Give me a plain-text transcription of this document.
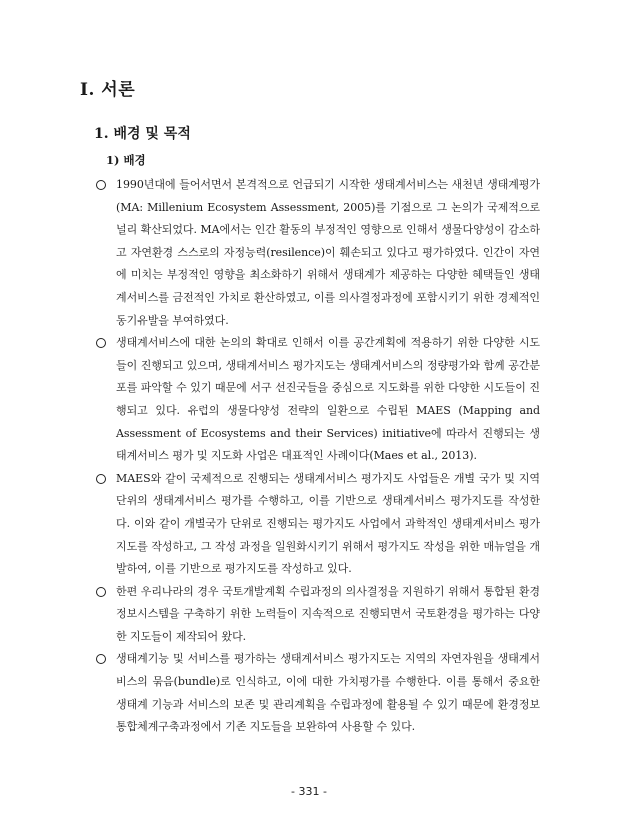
I. 서론
1. 배경 및 목적
1) 배경
1990년대에 들어서면서 본격적으로 언급되기 시작한 생태계서비스는 새천년 생태계평가(MA: Millenium Ecosystem Assessment, 2005)를 기점으로 그 논의가 국제적으로 널리 확산되었다. MA에서는 인간 활동의 부정적인 영향으로 인해서 생물다양성이 감소하고 자연환경 스스로의 자정능력(resilence)이 훼손되고 있다고 평가하였다. 인간이 자연에 미치는 부정적인 영향을 최소화하기 위해서 생태계가 제공하는 다양한 혜택들인 생태계서비스를 금전적인 가치로 환산하였고, 이를 의사결정과정에 포함시키기 위한 경제적인 동기유발을 부여하였다.
생태계서비스에 대한 논의의 확대로 인해서 이를 공간계획에 적용하기 위한 다양한 시도들이 진행되고 있으며, 생태계서비스 평가지도는 생태계서비스의 정량평가와 함께 공간분포를 파악할 수 있기 때문에 서구 선진국들을 중심으로 지도화를 위한 다양한 시도들이 진행되고 있다. 유럽의 생물다양성 전략의 일환으로 수립된 MAES (Mapping and Assessment of Ecosystems and their Services) initiative에 따라서 진행되는 생태계서비스 평가 및 지도화 사업은 대표적인 사례이다(Maes et al., 2013).
MAES와 같이 국제적으로 진행되는 생태계서비스 평가지도 사업들은 개별 국가 및 지역단위의 생태계서비스 평가를 수행하고, 이를 기반으로 생태계서비스 평가지도를 작성한다. 이와 같이 개별국가 단위로 진행되는 평가지도 사업에서 과학적인 생태계서비스 평가지도를 작성하고, 그 작성 과정을 일원화시키기 위해서 평가지도 작성을 위한 매뉴얼을 개발하여, 이를 기반으로 평가지도를 작성하고 있다.
한편 우리나라의 경우 국토개발계획 수립과정의 의사결정을 지원하기 위해서 통합된 환경정보시스템을 구축하기 위한 노력들이 지속적으로 진행되면서 국토환경을 평가하는 다양한 지도들이 제작되어 왔다.
생태계기능 및 서비스를 평가하는 생태계서비스 평가지도는 지역의 자연자원을 생태계서비스의 묶음(bundle)로 인식하고, 이에 대한 가치평가를 수행한다. 이를 통해서 중요한 생태계 기능과 서비스의 보존 및 관리계획을 수립과정에 활용될 수 있기 때문에 환경정보통합체계구축과정에서 기존 지도들을 보완하여 사용할 수 있다.
- 331 -
